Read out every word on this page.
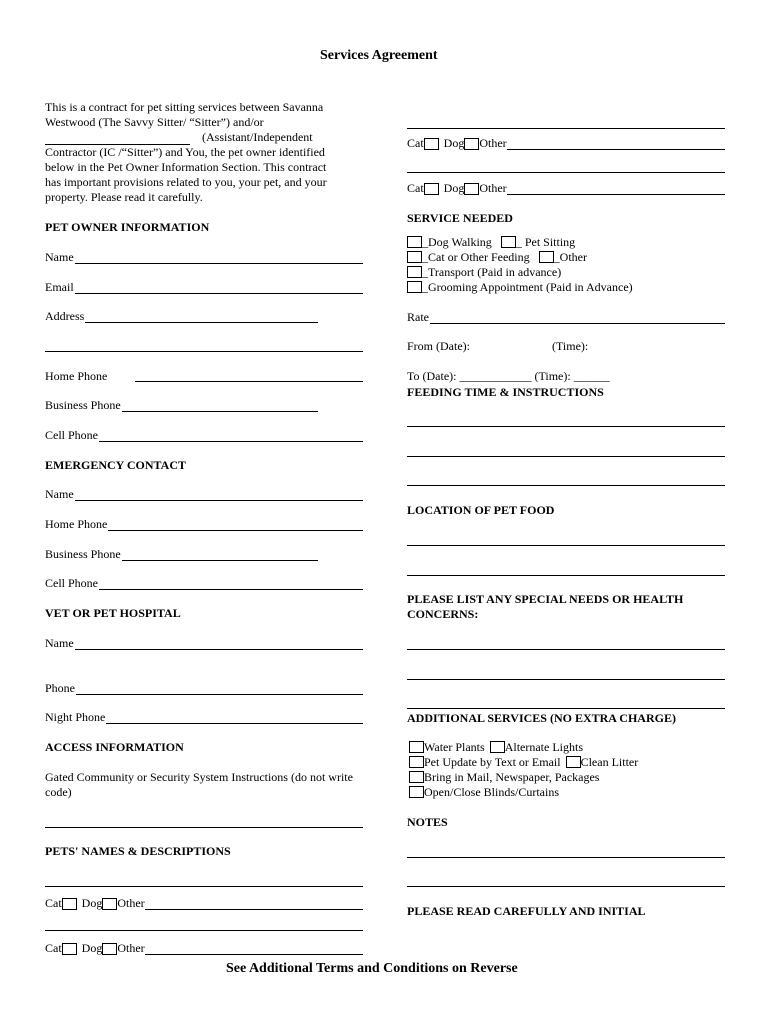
Services Agreement
This is a contract for pet sitting services between Savanna
Westwood (The Savvy Sitter/ “Sitter”) and/or
(Assistant/Independent
Contractor (IC /“Sitter”) and You, the pet owner identified
below in the Pet Owner Information Section. This contract
has important provisions related to you, your pet, and your
property. Please read it carefully.
PET OWNER INFORMATION
Name
Email
Address
Home Phone
Business Phone
Cell Phone
EMERGENCY CONTACT
Name
Home Phone
Business Phone
Cell Phone
VET OR PET HOSPITAL
Name
Phone
Night Phone
ACCESS INFORMATION
Gated Community or Security System Instructions (do not write
code)
PETS' NAMES & DESCRIPTIONS
Cat Dog Other
Cat Dog Other
Cat Dog Other
Cat Dog Other
SERVICE NEEDED
_Dog Walking _ Pet Sitting
_Cat or Other Feeding _Other
_Transport (Paid in advance)
_Grooming Appointment (Paid in Advance)
Rate
From (Date):	(Time):
To (Date): ____________ (Time): ______
FEEDING TIME & INSTRUCTIONS
LOCATION OF PET FOOD
PLEASE LIST ANY SPECIAL NEEDS OR HEALTH
CONCERNS:
ADDITIONAL SERVICES (NO EXTRA CHARGE)
Water Plants Alternate Lights
Pet Update by Text or Email Clean Litter
Bring in Mail, Newspaper, Packages
Open/Close Blinds/Curtains
NOTES
PLEASE READ CAREFULLY AND INITIAL
See Additional Terms and Conditions on Reverse
